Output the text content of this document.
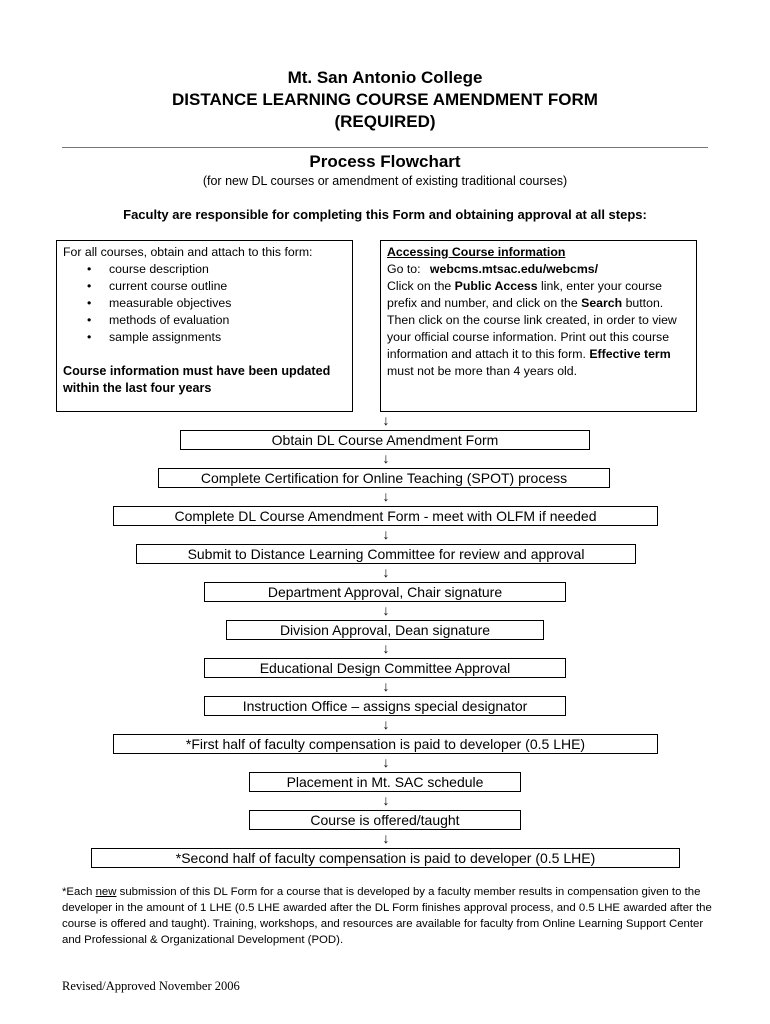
Mt. San Antonio College
DISTANCE LEARNING COURSE AMENDMENT FORM
(REQUIRED)
Process Flowchart
(for new DL courses or amendment of existing traditional courses)
Faculty are responsible for completing this Form and obtaining approval at all steps:
For all courses, obtain and attach to this form:
• course description
• current course outline
• measurable objectives
• methods of evaluation
• sample assignments
Course information must have been updated within the last four years
Accessing Course information
Go to: webcms.mtsac.edu/webcms/
Click on the Public Access link, enter your course prefix and number, and click on the Search button. Then click on the course link created, in order to view your official course information. Print out this course information and attach it to this form. Effective term must not be more than 4 years old.
↓
↓
↓
↓
↓
↓
↓
↓
↓
↓
↓
↓
Obtain DL Course Amendment Form
Complete Certification for Online Teaching (SPOT) process
Complete DL Course Amendment Form - meet with OLFM if needed
Submit to Distance Learning Committee for review and approval
Department Approval, Chair signature
Division Approval, Dean signature
Educational Design Committee Approval
Instruction Office – assigns special designator
*First half of faculty compensation is paid to developer (0.5 LHE)
Placement in Mt. SAC schedule
Course is offered/taught
*Second half of faculty compensation is paid to developer (0.5 LHE)
*Each new submission of this DL Form for a course that is developed by a faculty member results in compensation given to the developer in the amount of 1 LHE (0.5 LHE awarded after the DL Form finishes approval process, and 0.5 LHE awarded after the course is offered and taught). Training, workshops, and resources are available for faculty from Online Learning Support Center and Professional & Organizational Development (POD).
Revised/Approved November 2006
